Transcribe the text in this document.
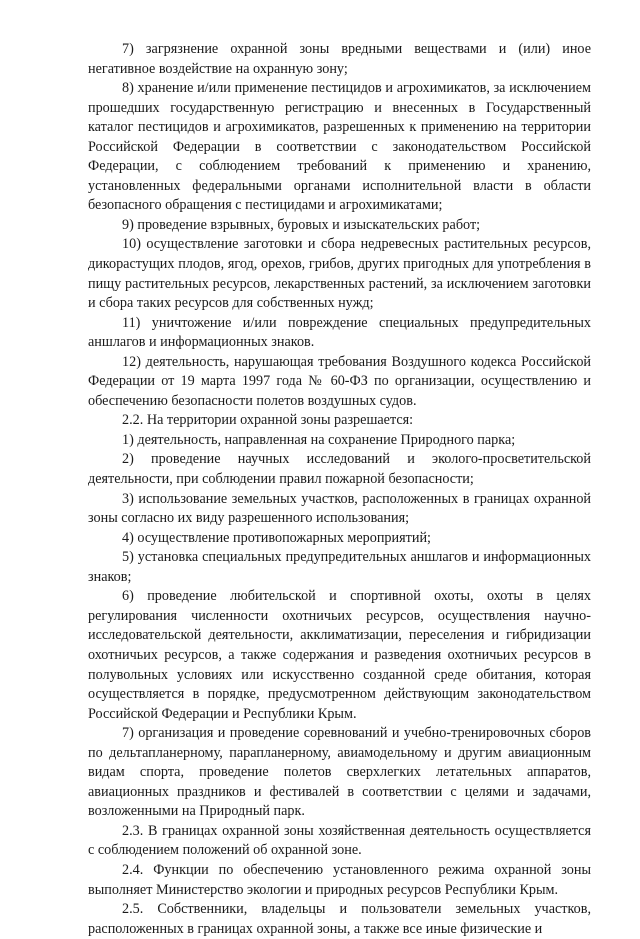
7) загрязнение охранной зоны вредными веществами и (или) иное негативное воздействие на охранную зону;

8) хранение и/или применение пестицидов и агрохимикатов, за исключением прошедших государственную регистрацию и внесенных в Государственный каталог пестицидов и агрохимикатов, разрешенных к применению на территории Российской Федерации в соответствии с законодательством Российской Федерации, с соблюдением требований к применению и хранению, установленных федеральными органами исполнительной власти в области безопасного обращения с пестицидами и агрохимикатами;

9) проведение взрывных, буровых и изыскательских работ;

10) осуществление заготовки и сбора недревесных растительных ресурсов, дикорастущих плодов, ягод, орехов, грибов, других пригодных для употребления в пищу растительных ресурсов, лекарственных растений, за исключением заготовки и сбора таких ресурсов для собственных нужд;

11) уничтожение и/или повреждение специальных предупредительных аншлагов и информационных знаков.

12) деятельность, нарушающая требования Воздушного кодекса Российской Федерации от 19 марта 1997 года № 60-ФЗ по организации, осуществлению и обеспечению безопасности полетов воздушных судов.

2.2. На территории охранной зоны разрешается:

1) деятельность, направленная на сохранение Природного парка;

2) проведение научных исследований и эколого-просветительской деятельности, при соблюдении правил пожарной безопасности;

3) использование земельных участков, расположенных в границах охранной зоны согласно их виду разрешенного использования;

4) осуществление противопожарных мероприятий;

5) установка специальных предупредительных аншлагов и информационных знаков;

6) проведение любительской и спортивной охоты, охоты в целях регулирования численности охотничьих ресурсов, осуществления научно-исследовательской деятельности, акклиматизации, переселения и гибридизации охотничьих ресурсов, а также содержания и разведения охотничьих ресурсов в полувольных условиях или искусственно созданной среде обитания, которая осуществляется в порядке, предусмотренном действующим законодательством Российской Федерации и Республики Крым.

7) организация и проведение соревнований и учебно-тренировочных сборов по дельтапланерному, парапланерному, авиамодельному и другим авиационным видам спорта, проведение полетов сверхлегких летательных аппаратов, авиационных праздников и фестивалей в соответствии с целями и задачами, возложенными на Природный парк.

2.3. В границах охранной зоны хозяйственная деятельность осуществляется с соблюдением положений об охранной зоне.

2.4. Функции по обеспечению установленного режима охранной зоны выполняет Министерство экологии и природных ресурсов Республики Крым.

2.5. Собственники, владельцы и пользователи земельных участков, расположенных в границах охранной зоны, а также все иные физические и
